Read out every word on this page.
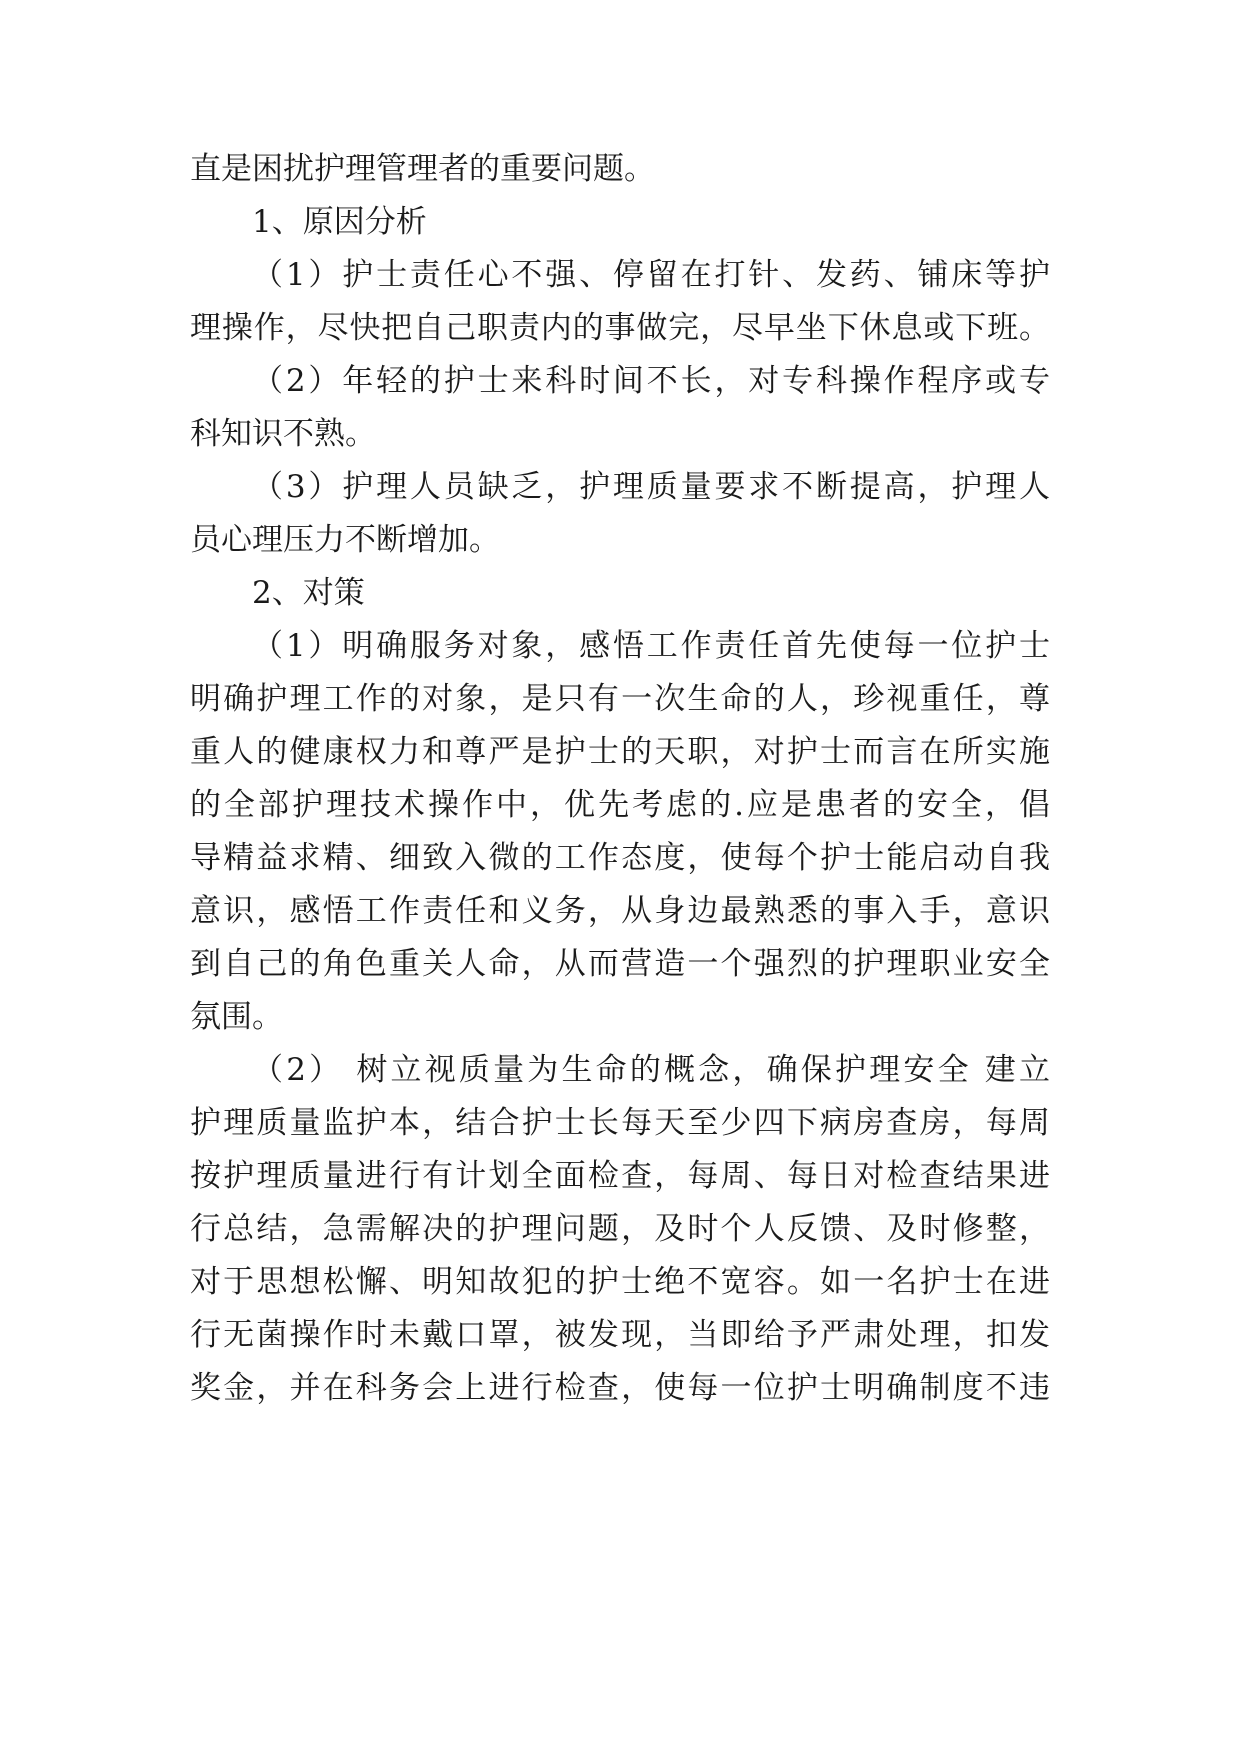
直是困扰护理管理者的重要问题。
1、原因分析
（1）护士责任心不强、停留在打针、发药、铺床等护
理操作，尽快把自己职责内的事做完，尽早坐下休息或下班。
（2）年轻的护士来科时间不长，对专科操作程序或专
科知识不熟。
（3）护理人员缺乏，护理质量要求不断提高，护理人
员心理压力不断增加。
2、对策
（1）明确服务对象，感悟工作责任首先使每一位护士
明确护理工作的对象，是只有一次生命的人，珍视重任，尊
重人的健康权力和尊严是护士的天职，对护士而言在所实施
的全部护理技术操作中，优先考虑的.应是患者的安全，倡
导精益求精、细致入微的工作态度，使每个护士能启动自我
意识，感悟工作责任和义务，从身边最熟悉的事入手，意识
到自己的角色重关人命，从而营造一个强烈的护理职业安全
氛围。
（2） 树立视质量为生命的概念，确保护理安全 建立
护理质量监护本，结合护士长每天至少四下病房查房，每周
按护理质量进行有计划全面检查，每周、每日对检查结果进
行总结，急需解决的护理问题，及时个人反馈、及时修整，
对于思想松懈、明知故犯的护士绝不宽容。如一名护士在进
行无菌操作时未戴口罩，被发现，当即给予严肃处理，扣发
奖金，并在科务会上进行检查，使每一位护士明确制度不违
